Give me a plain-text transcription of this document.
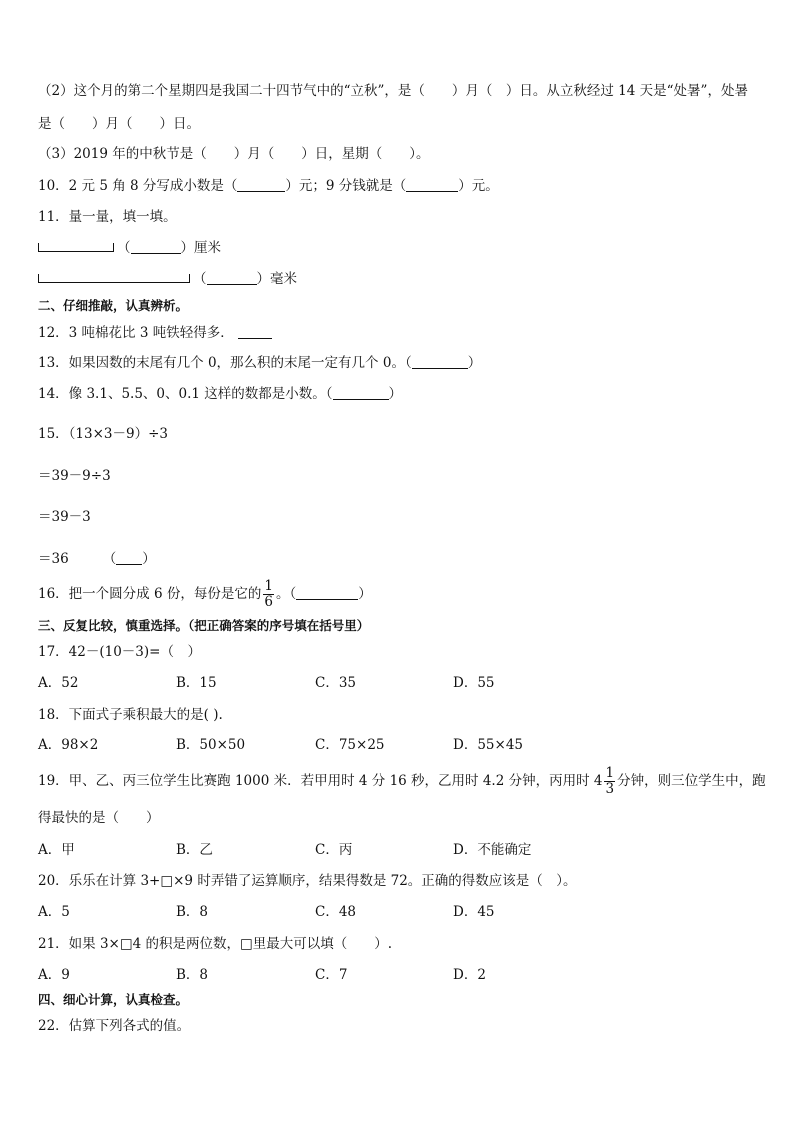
（2）这个月的第二个星期四是我国二十四节气中的“立秋”，是（　　）月（　）日。从立秋经过 14 天是“处暑”，处暑
是（　　）月（　　）日。
（3）2019 年的中秋节是（　　）月（　　）日，星期（　　）。
10．2 元 5 角 8 分写成小数是（	）元；9 分钱就是（	）元。
11．量一量，填一填。
（	）厘米
（	）毫米
二、仔细推敲，认真辨析。
12．3 吨棉花比 3 吨铁轻得多．
13．如果因数的末尾有几个 0，那么积的末尾一定有几个 0。（	）
14．像 3.1、5.5、0、0.1 这样的数都是小数。（	）
15．（13×3－9）÷3
＝39－9÷3
＝39－3
＝36	（ ）
16．把一个圆分成 6 份，每份是它的 $\frac{1}{6}$ 。（	）
三、反复比较，慎重选择。（把正确答案的序号填在括号里）
17．42－(10－3)=（　）
A．52	B．15	C．35	D．55
18．下面式子乘积最大的是( ).
A．98×2	B．50×50	C．75×25	D．55×45
19．甲、乙、丙三位学生比赛跑 1000 米．若甲用时 4 分 16 秒，乙用时 4.2 分钟，丙用时 $4 \frac{1}{3}$ 分钟，则三位学生中，跑
得最快的是（　　）
A．甲	B．乙	C．丙	D．不能确定
20．乐乐在计算 3+□×9 时弄错了运算顺序，结果得数是 72。正确的得数应该是（　）。
A．5	B．8	C．48	D．45
21．如果 3×□4 的积是两位数，□里最大可以填（　　）.
A．9	B．8	C．7	D．2
四、细心计算，认真检查。
22．估算下列各式的值。
